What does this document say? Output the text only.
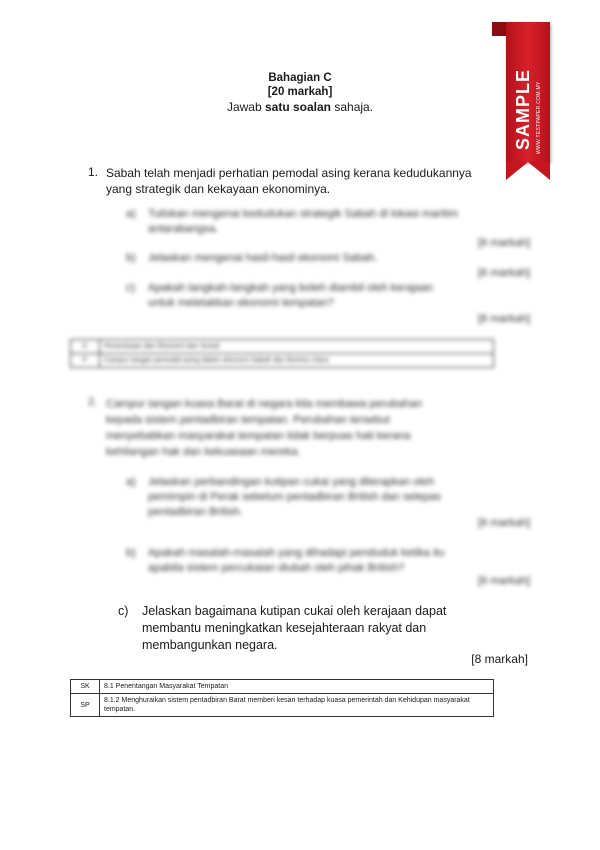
Bahagian C
[20 markah]
Jawab satu soalan sahaja.
1. Sabah telah menjadi perhatian pemodal asing kerana kedudukannya
yang strategik dan kekayaan ekonominya.
a) Tuliskan mengenai kedudukan strategik Sabah di lokasi maritim
antarabangsa.
[6 markah]
b) Jelaskan mengenai hasil-hasil ekonomi Sabah.
[6 markah]
c) Apakah langkah-langkah yang boleh diambil oleh kerajaan
untuk meletakkan ekonomi tempatan?
[8 markah]
K	Penerokaan dan Ekonomi dan Sosial
P	Campur tangan pemodal asing dalam ekonomi Sabah dan Borneo Utara
2. Campur tangan kuasa Barat di negara kita membawa perubahan
kepada sistem pentadbiran tempatan. Perubahan tersebut
menyebabkan masyarakat tempatan tidak berpuas hati kerana
kehilangan hak dan kekuasaan mereka.
a) Jelaskan perbandingan kutipan cukai yang diterapkan oleh
pemimpin di Perak sebelum pentadbiran British dan selepas
pentadbiran British.
[6 markah]
b) Apakah masalah-masalah yang dihadapi penduduk ketika itu
apabila sistem percukaian diubah oleh pihak British?
[6 markah]
c) Jelaskan bagaimana kutipan cukai oleh kerajaan dapat
membantu meningkatkan kesejahteraan rakyat dan
membangunkan negara.
[8 markah]
SK	8.1 Penentangan Masyarakat Tempatan
SP	8.1.2 Menghuraikan sistem pentadbiran Barat memberi kesan terhadap kuasa pemerintah dan Kehidupan masyarakat tempatan.
SAMPLE WWW.TESTPAPER.COM.MY
